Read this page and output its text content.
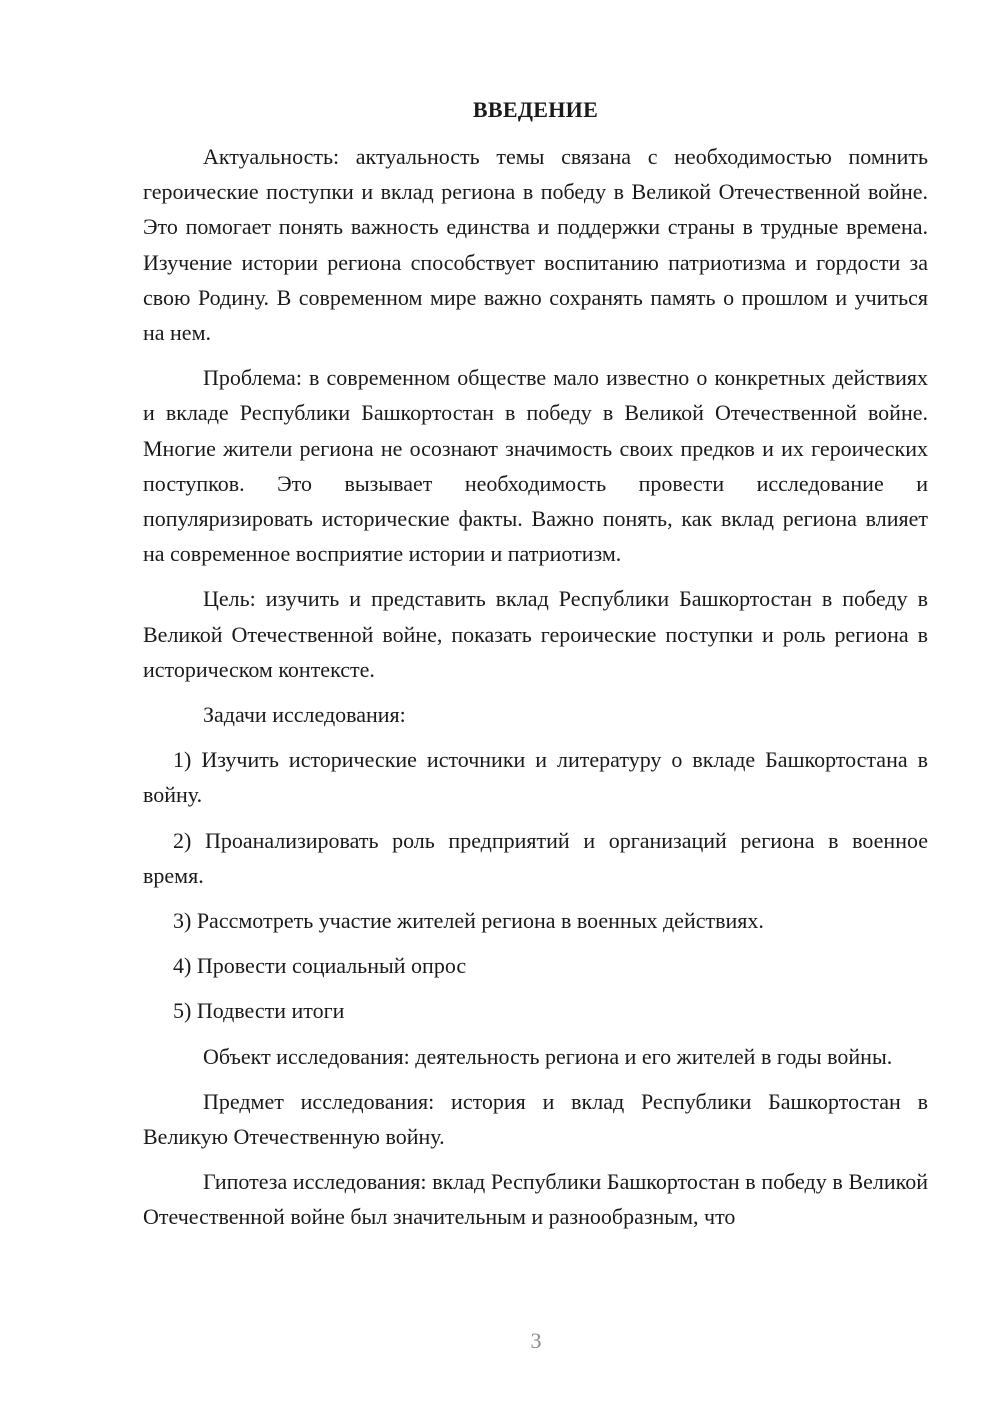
ВВЕДЕНИЕ

Актуальность: актуальность темы связана с необходимостью помнить героические поступки и вклад региона в победу в Великой Отечественной войне. Это помогает понять важность единства и поддержки страны в трудные времена. Изучение истории региона способствует воспитанию патриотизма и гордости за свою Родину. В современном мире важно сохранять память о прошлом и учиться на нем.

Проблема: в современном обществе мало известно о конкретных действиях и вкладе Республики Башкортостан в победу в Великой Отечественной войне. Многие жители региона не осознают значимость своих предков и их героических поступков. Это вызывает необходимость провести исследование и популяризировать исторические факты. Важно понять, как вклад региона влияет на современное восприятие истории и патриотизм.

Цель: изучить и представить вклад Республики Башкортостан в победу в Великой Отечественной войне, показать героические поступки и роль региона в историческом контексте.

Задачи исследования:

1) Изучить исторические источники и литературу о вкладе Башкортостана в войну.

2) Проанализировать роль предприятий и организаций региона в военное время.

3) Рассмотреть участие жителей региона в военных действиях.

4) Провести социальный опрос

5) Подвести итоги

Объект исследования: деятельность региона и его жителей в годы войны.

Предмет исследования: история и вклад Республики Башкортостан в Великую Отечественную войну.

Гипотеза исследования: вклад Республики Башкортостан в победу в Великой Отечественной войне был значительным и разнообразным, что

3
